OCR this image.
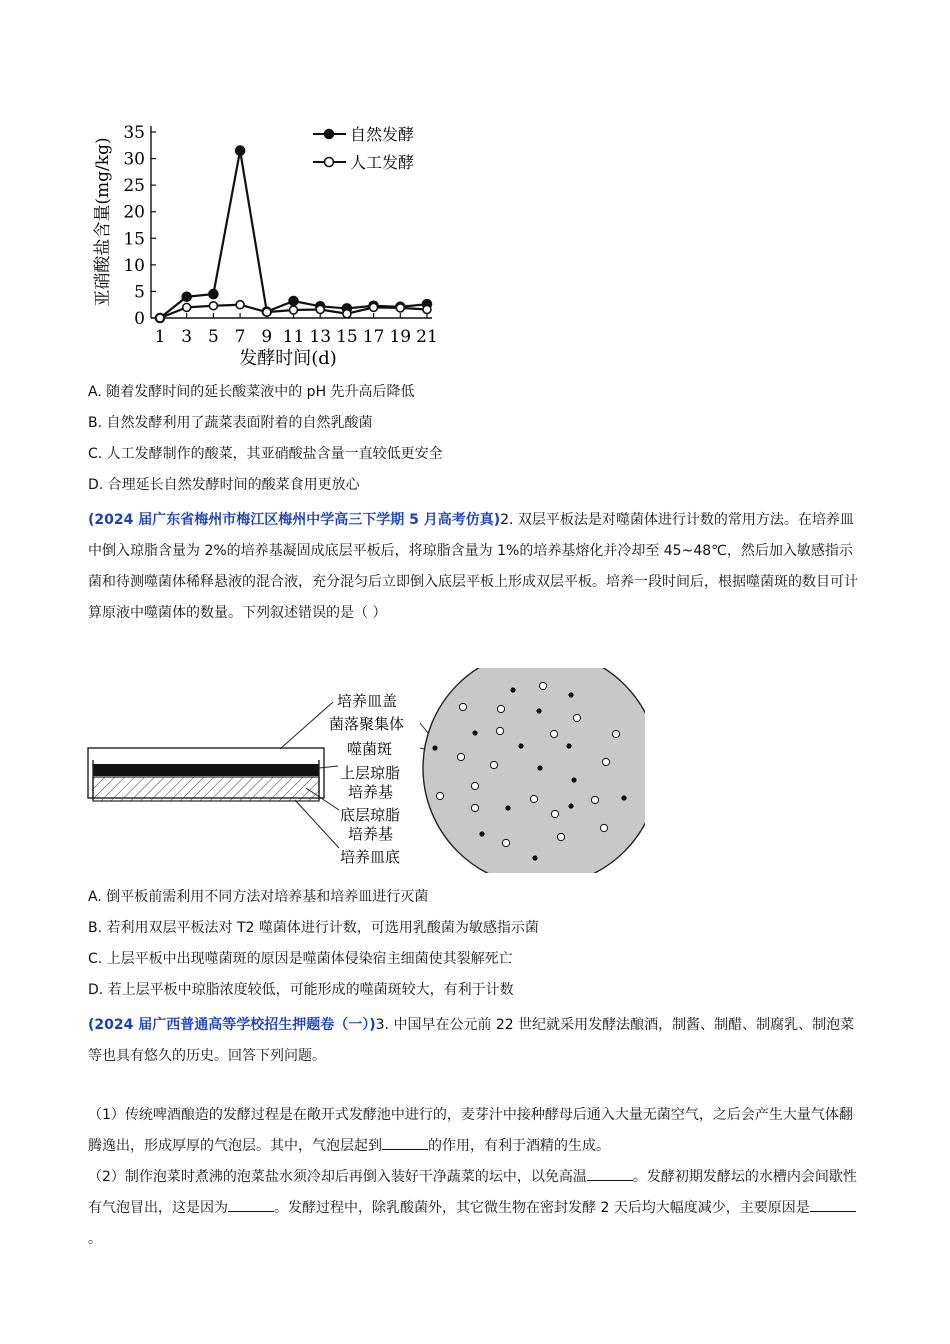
0
5
10
15
20
25
30
35
1 3 5 7 9 11 13 15 17 19 21
发酵时间(d)
亚硝酸盐含量(mg/kg)
自然发酵
人工发酵
A. 随着发酵时间的延长酸菜液中的 pH 先升高后降低
B. 自然发酵利用了蔬菜表面附着的自然乳酸菌
C. 人工发酵制作的酸菜，其亚硝酸盐含量一直较低更安全
D. 合理延长自然发酵时间的酸菜食用更放心
(2024 届广东省梅州市梅江区梅州中学高三下学期 5 月高考仿真)2. 双层平板法是对噬菌体进行计数的常用方法。在培养皿中倒入琼脂含量为 2%的培养基凝固成底层平板后，将琼脂含量为 1%的培养基熔化并冷却至 45~48℃，然后加入敏感指示菌和待测噬菌体稀释悬液的混合液，充分混匀后立即倒入底层平板上形成双层平板。培养一段时间后，根据噬菌斑的数目可计算原液中噬菌体的数量。下列叙述错误的是（ ）
培养皿盖
菌落聚集体
噬菌斑
上层琼脂
培养基
底层琼脂
培养基
培养皿底
A. 倒平板前需利用不同方法对培养基和培养皿进行灭菌
B. 若利用双层平板法对 T2 噬菌体进行计数，可选用乳酸菌为敏感指示菌
C. 上层平板中出现噬菌斑的原因是噬菌体侵染宿主细菌使其裂解死亡
D. 若上层平板中琼脂浓度较低，可能形成的噬菌斑较大，有利于计数
(2024 届广西普通高等学校招生押题卷（一）)3. 中国早在公元前 22 世纪就采用发酵法酿酒，制酱、制醋、制腐乳、制泡菜等也具有悠久的历史。回答下列问题。
（1）传统啤酒酿造的发酵过程是在敞开式发酵池中进行的，麦芽汁中接种酵母后通入大量无菌空气，之后会产生大量气体翻腾逸出，形成厚厚的气泡层。其中，气泡层起到	的作用，有利于酒精的生成。
（2）制作泡菜时煮沸的泡菜盐水须冷却后再倒入装好干净蔬菜的坛中，以免高温	。发酵初期发酵坛的水槽内会间歇性有气泡冒出，这是因为	。发酵过程中，除乳酸菌外，其它微生物在密封发酵 2 天后均大幅度减少，主要原因是。
